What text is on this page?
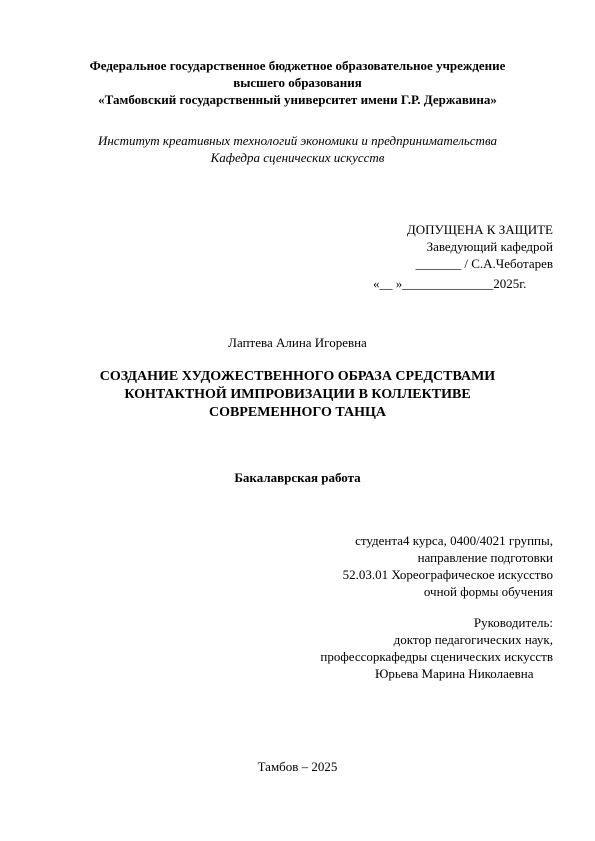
Федеральное государственное бюджетное образовательное учреждение
высшего образования
«Тамбовский государственный университет имени Г.Р. Державина»
Институт креативных технологий экономики и предпринимательства
Кафедра сценических искусств
ДОПУЩЕНА К ЗАЩИТЕ
Заведующий кафедрой
_______ / С.А.Чеботарев
«__ »______________2025г.
Лаптева Алина Игоревна
СОЗДАНИЕ ХУДОЖЕСТВЕННОГО ОБРАЗА СРЕДСТВАМИ
КОНТАКТНОЙ ИМПРОВИЗАЦИИ В КОЛЛЕКТИВЕ
СОВРЕМЕННОГО ТАНЦА
Бакалаврская работа
студента4 курса, 0400/4021 группы,
направление подготовки
52.03.01 Хореографическое искусство
очной формы обучения
Руководитель:
доктор педагогических наук,
профессоркафедры сценических искусств
Юрьева Марина Николаевна
Тамбов – 2025
